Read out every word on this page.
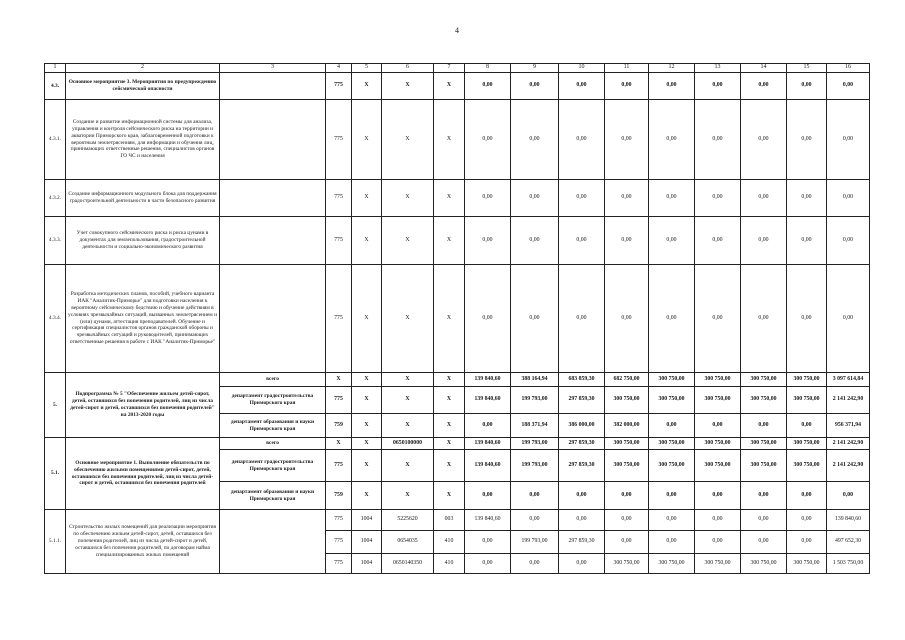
4
1	2	3	4	5	6	7	8	9	10	11	12	13	14	15	16
4.3.	Основное мероприятие 3. Мероприятия по предупреждению сейсмической опасности		775	X	X	X	0,00	0,00	0,00	0,00	0,00	0,00	0,00	0,00	0,00
4.3.1.	Создание и развитие информационной системы для анализа, управления и контроля сейсмического риска на территории и акватории Приморского края, заблаговременной подготовки к вероятным землетрясениям, для информации и обучения лиц, принимающих ответственные решения, специалистов органов ГО ЧС и населения		775	X	X	X	0,00	0,00	0,00	0,00	0,00	0,00	0,00	0,00	0,00
4.3.2.	Создание информационного модульного блока для поддержания градостроительной деятельности в части безопасного развития		775	X	X	X	0,00	0,00	0,00	0,00	0,00	0,00	0,00	0,00	0,00
4.3.3.	Учет совокупного сейсмического риска и риска цунами в документах для землепользования, градостроительной деятельности и социально-экономического развития		775	X	X	X	0,00	0,00	0,00	0,00	0,00	0,00	0,00	0,00	0,00
4.3.4.	Разработка методических планов, пособий, учебного варианта ИАК "Аналитик-Приморье" для подготовки населения к вероятному сейсмическому бедствию и обучение действиям в условиях чрезвычайных ситуаций, вызванных землетрясением и (или) цунами, аттестация преподавателей. Обучение и сертификация специалистов органов гражданской обороны и чрезвычайных ситуаций и руководителей, принимающих ответственные решения в работе с ИАК "Аналитик-Приморье"		775	X	X	X	0,00	0,00	0,00	0,00	0,00	0,00	0,00	0,00	0,00
5.	Подпрограмма № 5 "Обеспечение жильем детей-сирот, детей, оставшихся без попечения родителей, лиц из числа детей-сирот и детей, оставшихся без попечения родителей" на 2013-2020 годы	всего	X	X	X	X	139 840,60	388 164,94	683 859,30	682 750,00	300 750,00	300 750,00	300 750,00	300 750,00	3 097 614,84
		департамент градостроительства Приморского края	775	X	X	X	139 840,60	199 793,00	297 859,30	300 750,00	300 750,00	300 750,00	300 750,00	300 750,00	2 141 242,90
		департамент образования и науки Приморского края	759	X	X	X	0,00	188 371,94	386 000,00	382 000,00	0,00	0,00	0,00	0,00	956 371,94
5.1.	Основное мероприятие 1. Выполнение обязательств по обеспечению жилыми помещениями детей-сирот, детей, оставшихся без попечения родителей, лиц из числа детей-сирот и детей, оставшихся без попечения родителей	всего	X	X	0650100000	X	139 840,60	199 793,00	297 859,30	300 750,00	300 750,00	300 750,00	300 750,00	300 750,00	2 141 242,90
		департамент градостроительства Приморского края	775	X	X	X	139 840,60	199 793,00	297 859,30	300 750,00	300 750,00	300 750,00	300 750,00	300 750,00	2 141 242,90
		департамент образования и науки Приморского края	759	X	X	X	0,00	0,00	0,00	0,00	0,00	0,00	0,00	0,00	0,00
5.1.1.	Строительство жилых помещений для реализации мероприятия по обеспечению жильем детей-сирот, детей, оставшихся без попечения родителей, лиц из числа детей-сирот и детей, оставшихся без попечения родителей, по договорам найма специализированных жилых помещений		775	1004	5225620	003	139 840,60	0,00	0,00	0,00	0,00	0,00	0,00	0,00	139 840,60
			775	1004	0654035	410	0,00	199 793,00	297 859,30	0,00	0,00	0,00	0,00	0,00	497 652,30
			775	1004	0650140350	410	0,00	0,00	0,00	300 750,00	300 750,00	300 750,00	300 750,00	300 750,00	1 503 750,00
